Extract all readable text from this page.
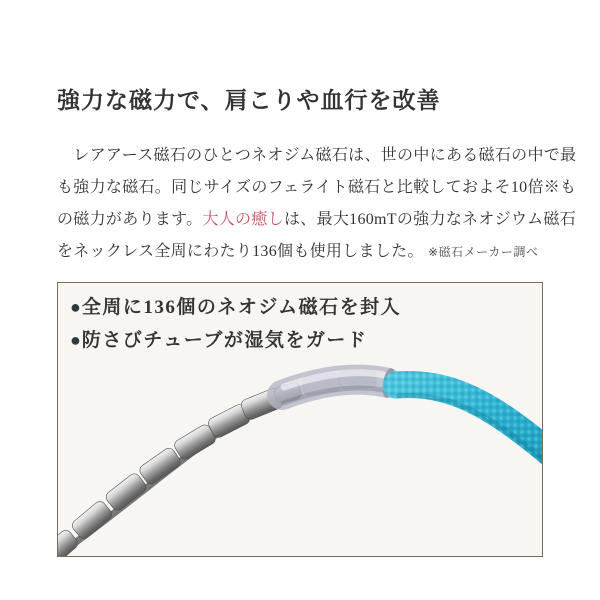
強力な磁力で、肩こりや血行を改善
　レアアース磁石のひとつネオジム磁石は、世の中にある磁石の中で最
も強力な磁石。同じサイズのフェライト磁石と比較しておよそ10倍※も
の磁力があります。大人の癒しは、最大160mTの強力なネオジウム磁石
をネックレス全周にわたり136個も使用しました。 ※磁石メーカー調べ
●全周に136個のネオジム磁石を封入
●防さびチューブが湿気をガード
